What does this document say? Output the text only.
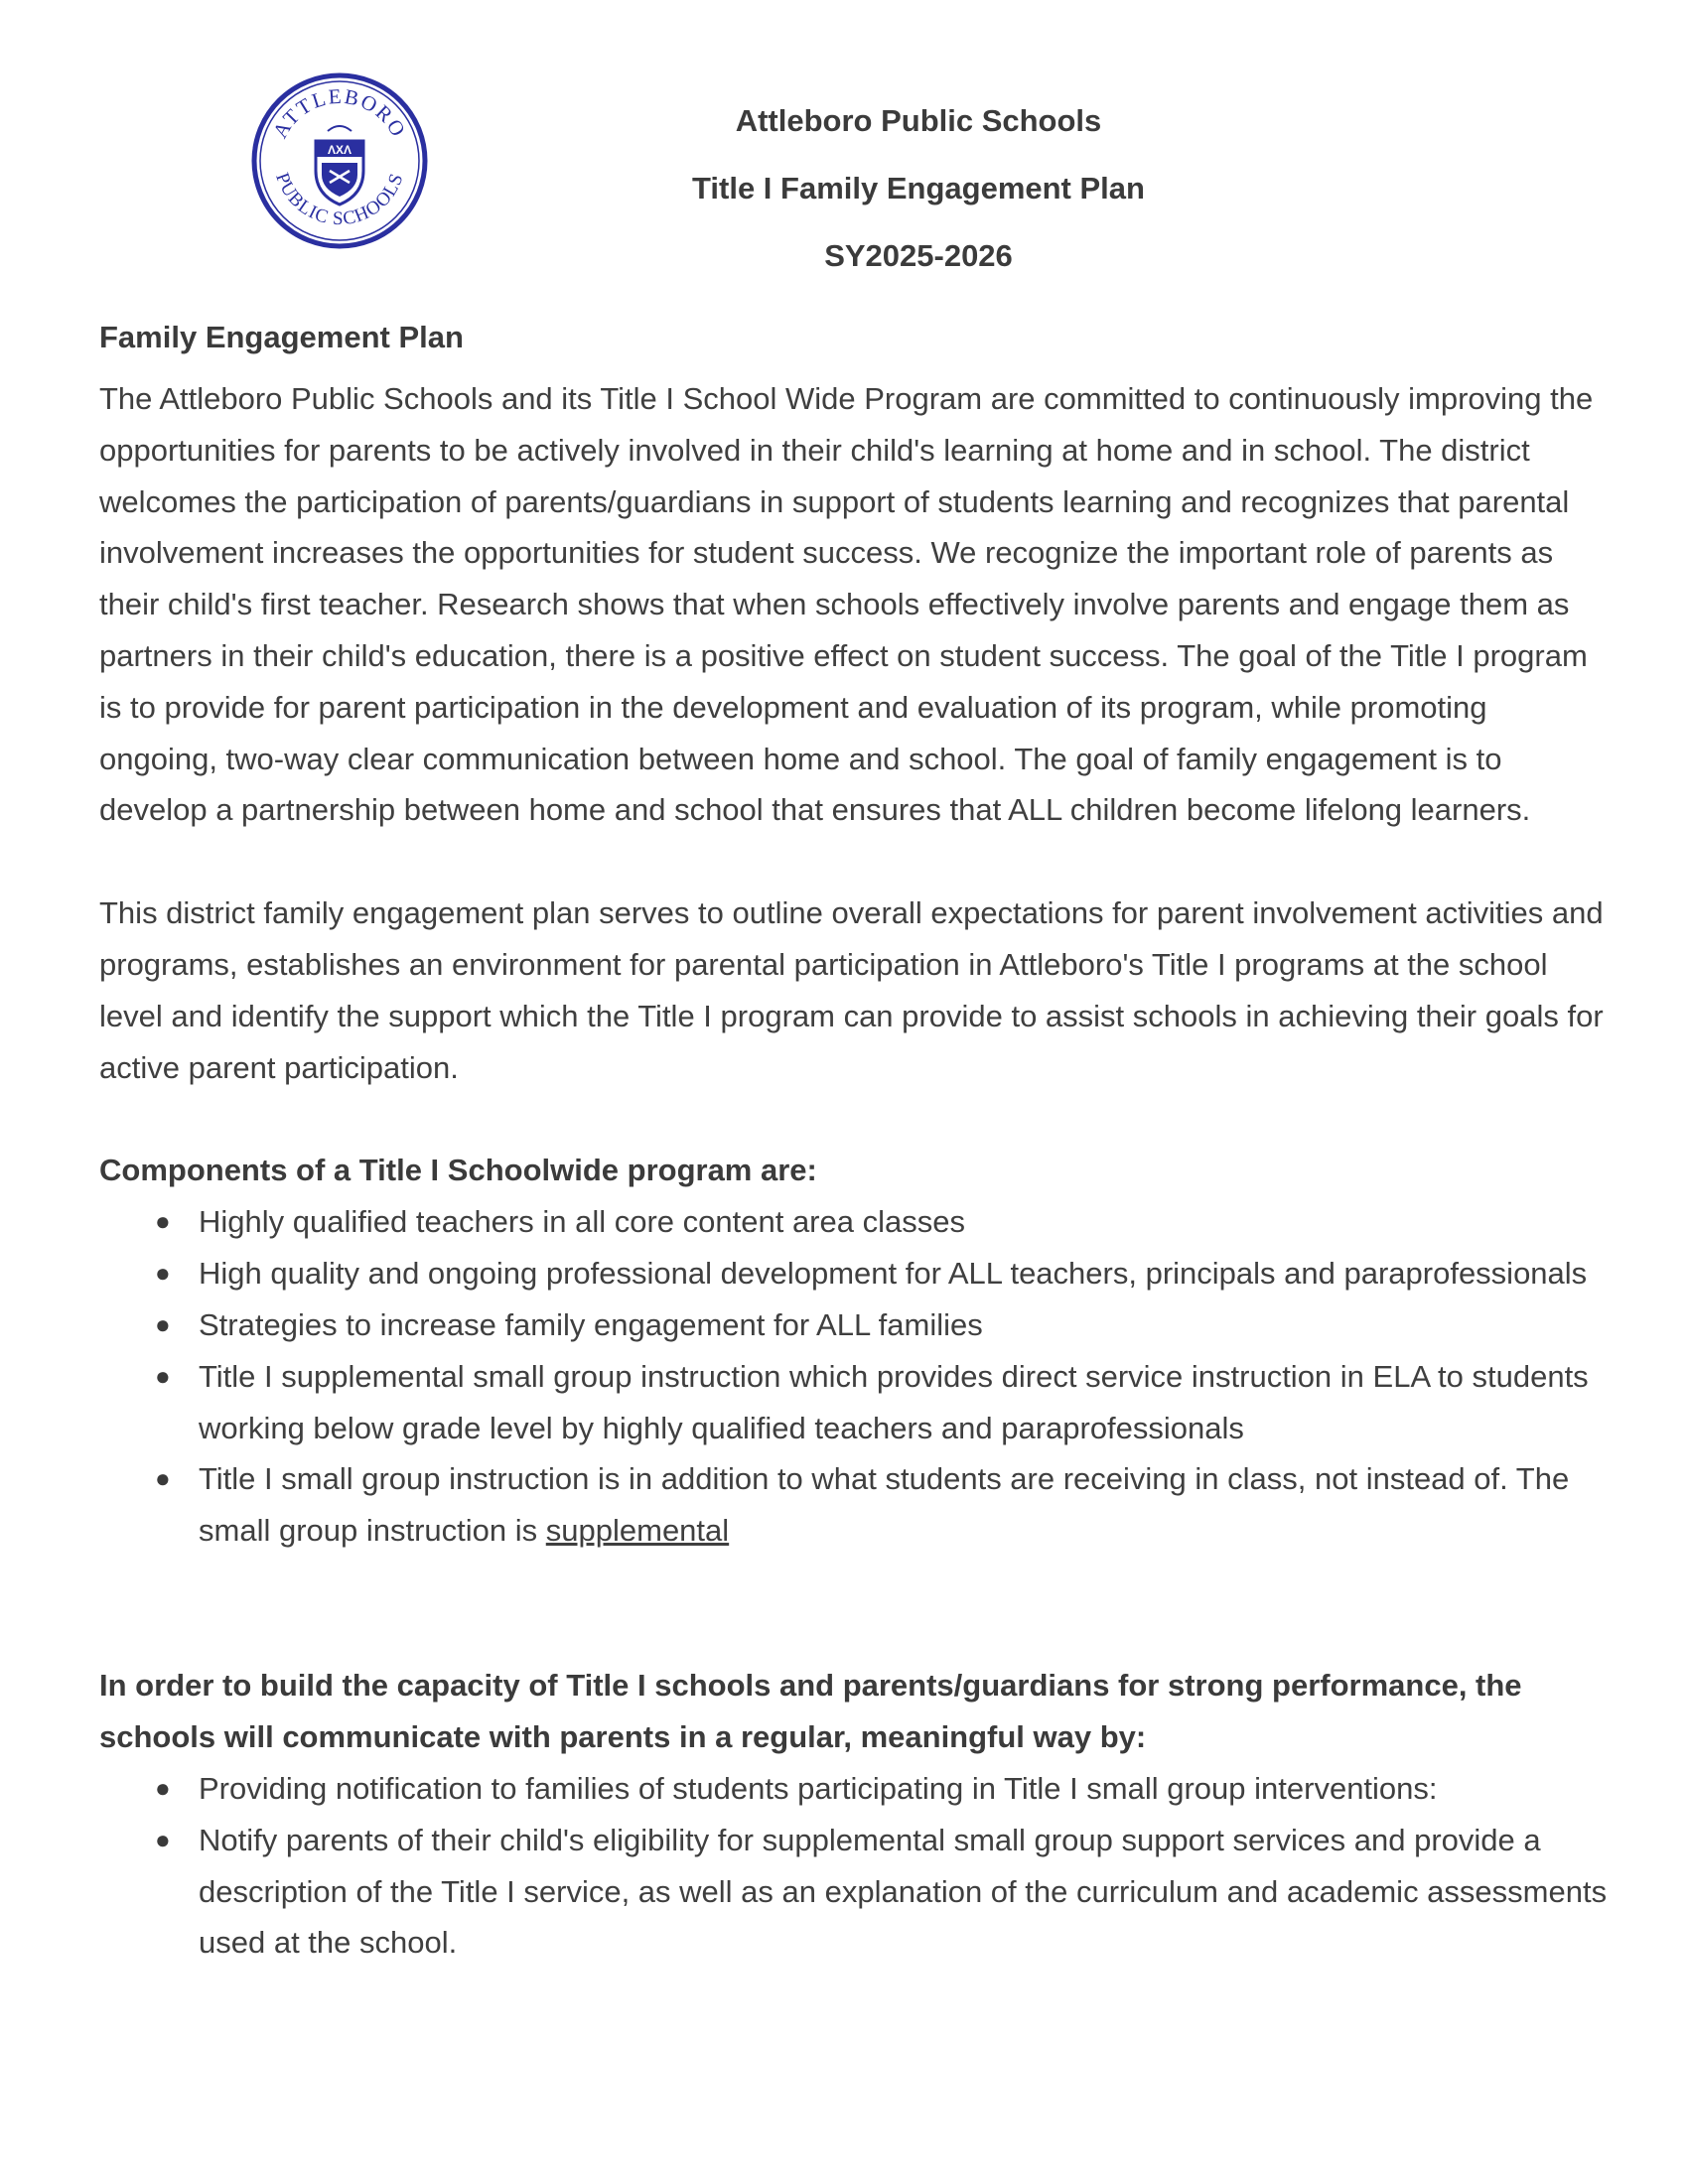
ATTLEBORO
PUBLIC SCHOOLS
ΛXΛ
Attleboro Public Schools
Title I Family Engagement Plan
SY2025-2026
Family Engagement Plan

The Attleboro Public Schools and its Title I School Wide Program are committed to continuously improving the opportunities for parents to be actively involved in their child's learning at home and in school. The district welcomes the participation of parents/guardians in support of students learning and recognizes that parental involvement increases the opportunities for student success. We recognize the important role of parents as their child's first teacher. Research shows that when schools effectively involve parents and engage them as partners in their child's education, there is a positive effect on student success. The goal of the Title I program is to provide for parent participation in the development and evaluation of its program, while promoting ongoing, two-way clear communication between home and school. The goal of family engagement is to develop a partnership between home and school that ensures that ALL children become lifelong learners.

This district family engagement plan serves to outline overall expectations for parent involvement activities and programs, establishes an environment for parental participation in Attleboro's Title I programs at the school level and identify the support which the Title I program can provide to assist schools in achieving their goals for active parent participation.

Components of a Title I Schoolwide program are:
● Highly qualified teachers in all core content area classes
● High quality and ongoing professional development for ALL teachers, principals and paraprofessionals
● Strategies to increase family engagement for ALL families
● Title I supplemental small group instruction which provides direct service instruction in ELA to students working below grade level by highly qualified teachers and paraprofessionals
● Title I small group instruction is in addition to what students are receiving in class, not instead of. The small group instruction is supplemental
In order to build the capacity of Title I schools and parents/guardians for strong performance, the schools will communicate with parents in a regular, meaningful way by:
● Providing notification to families of students participating in Title I small group interventions:
● Notify parents of their child's eligibility for supplemental small group support services and provide a description of the Title I service, as well as an explanation of the curriculum and academic assessments used at the school.
